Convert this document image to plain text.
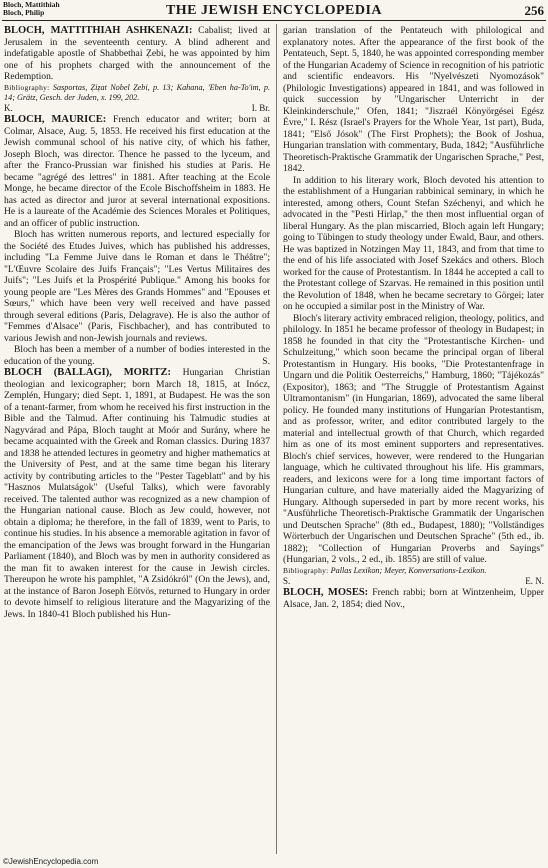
Bloch, Mattithiah
Bloch, Philip	THE JEWISH ENCYCLOPEDIA	256

BLOCH, MATTITHIAH ASHKENAZI: Cabalist; lived at Jerusalem in the seventeenth century. A blind adherent and indefatigable apostle of Shabbethai Ẓebi, he was appointed by him one of his prophets charged with the announcement of the Redemption.

Bibliography: Sasportas, Ẓiẓat Nobel Ẓebi, p. 13; Kahana, 'Eben ha-To'im, p. 14; Grätz, Gesch. der Juden, x. 199, 202.

K.	I. Br.

BLOCH, MAURICE: French educator and writer; born at Colmar, Alsace, Aug. 5, 1853. He received his first education at the Jewish communal school of his native city, of which his father, Joseph Bloch, was director. Thence he passed to the lyceum, and after the Franco-Prussian war finished his studies at Paris. He became "agrégé des lettres" in 1881. After teaching at the Ecole Monge, he became director of the Ecole Bischoffsheim in 1883. He has acted as director and juror at several international expositions. He is a laureate of the Académie des Sciences Morales et Politiques, and an officer of public instruction.

Bloch has written numerous reports, and lectured especially for the Société des Etudes Juives, which has published his addresses, including "La Femme Juive dans le Roman et dans le Théâtre"; "L'Œuvre Scolaire des Juifs Français"; "Les Vertus Militaires des Juifs"; "Les Juifs et la Prospérité Publique." Among his books for young people are "Les Mères des Grands Hommes" and "Epouses et Sœurs," which have been very well received and have passed through several editions (Paris, Delagrave). He is also the author of "Femmes d'Alsace" (Paris, Fischbacher), and has contributed to various Jewish and non-Jewish journals and reviews.

Bloch has been a member of a number of bodies interested in the education of the young.	S.

BLOCH (BALLAGI), MORITZ: Hungarian Christian theologian and lexicographer; born March 18, 1815, at Inócz, Zemplén, Hungary; died Sept. 1, 1891, at Budapest. He was the son of a tenant-farmer, from whom he received his first instruction in the Bible and the Talmud. After continuing his Talmudic studies at Nagyvárad and Pápa, Bloch taught at Moór and Surány, where he became acquainted with the Greek and Roman classics. During 1837 and 1838 he attended lectures in geometry and higher mathematics at the University of Pest, and at the same time began his literary activity by contributing articles to the "Pester Tageblatt" and by his "Hasznos Mulatságok" (Useful Talks), which were favorably received. The talented author was recognized as a new champion of the Hungarian national cause. Bloch as Jew could, however, not obtain a diploma; he therefore, in the fall of 1839, went to Paris, to continue his studies. In his absence a memorable agitation in favor of the emancipation of the Jews was brought forward in the Hungarian Parliament (1840), and Bloch was by men in authority considered as the man fit to awaken interest for the cause in Jewish circles. Thereupon he wrote his pamphlet, "A Zsidókról" (On the Jews), and, at the instance of Baron Joseph Eötvös, returned to Hungary in order to devote himself to religious literature and the Magyarizing of the Jews. In 1840-41 Bloch published his Hun-

garian translation of the Pentateuch with philological and explanatory notes. After the appearance of the first book of the Pentateuch, Sept. 5, 1840, he was appointed corresponding member of the Hungarian Academy of Science in recognition of his patriotic and scientific endeavors. His "Nyelvészeti Nyomozások" (Philologic Investigations) appeared in 1841, and was followed in quick succession by "Ungarischer Unterricht in der Kleinkinderschule," Ofen, 1841; "Jiszraél Könyörgései Egész Évre," I. Rész (Israel's Prayers for the Whole Year, 1st part), Buda, 1841; "Első Jósok" (The First Prophets); the Book of Joshua, Hungarian translation with commentary, Buda, 1842; "Ausführliche Theoretisch-Praktische Grammatik der Ungarischen Sprache," Pest, 1842.

In addition to his literary work, Bloch devoted his attention to the establishment of a Hungarian rabbinical seminary, in which he interested, among others, Count Stefan Széchenyi, and which he advocated in the "Pesti Hirlap," the then most influential organ of liberal Hungary. As the plan miscarried, Bloch again left Hungary; going to Tübingen to study theology under Ewald, Baur, and others. He was baptized in Notzingen May 11, 1843, and from that time to the end of his life associated with Josef Szekács and others. Bloch worked for the cause of Protestantism. In 1844 he accepted a call to the Protestant college of Szarvas. He remained in this position until the Revolution of 1848, when he became secretary to Görgei; later on he occupied a similar post in the Ministry of War.

Bloch's literary activity embraced religion, theology, politics, and philology. In 1851 he became professor of theology in Budapest; in 1858 he founded in that city the "Protestantische Kirchen- und Schulzeitung," which soon became the principal organ of liberal Protestantism in Hungary. His books, "Die Protestantenfrage in Ungarn und die Politik Oesterreichs," Hamburg, 1860; "Tájékozás" (Expositor), 1863; and "The Struggle of Protestantism Against Ultramontanism" (in Hungarian, 1869), advocated the same liberal policy. He founded many institutions of Hungarian Protestantism, and as professor, writer, and editor contributed largely to the material and intellectual growth of that Church, which regarded him as one of its most eminent supporters and representatives. Bloch's chief services, however, were rendered to the Hungarian language, which he cultivated throughout his life. His grammars, readers, and lexicons were for a long time important factors of Hungarian culture, and have materially aided the Magyarizing of Hungary. Although superseded in part by more recent works, his "Ausführliche Theoretisch-Praktische Grammatik der Ungarischen und Deutschen Sprache" (8th ed., Budapest, 1880); "Vollständiges Wörterbuch der Ungarischen und Deutschen Sprache" (5th ed., ib. 1882); "Collection of Hungarian Proverbs and Sayings" (Hungarian, 2 vols., 2 ed., ib. 1855) are still of value.

Bibliography: Pallas Lexikon; Meyer, Konversations-Lexikon.

S.	E. N.

BLOCH, MOSES: French rabbi; born at Wintzenheim, Upper Alsace, Jan. 2, 1854; died Nov.,

©JewishEncyclopedia.com
